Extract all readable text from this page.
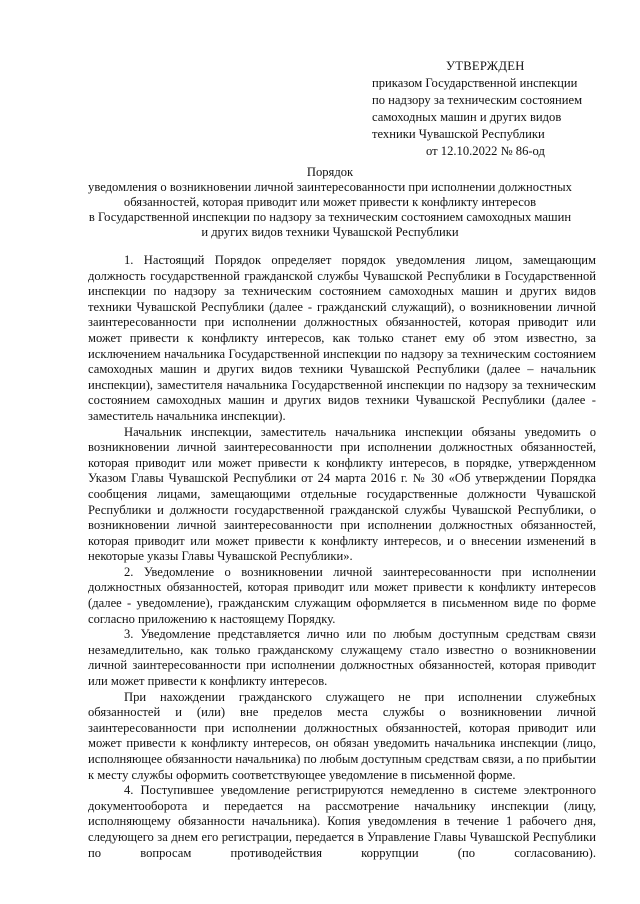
УТВЕРЖДЕН
приказом Государственной инспекции
по надзору за техническим состоянием
самоходных машин и других видов
техники Чувашской Республики
от 12.10.2022 № 86-од
Порядок
уведомления о возникновении личной заинтересованности при исполнении должностных
обязанностей, которая приводит или может привести к конфликту интересов
в Государственной инспекции по надзору за техническим состоянием самоходных машин
и других видов техники Чувашской Республики

1. Настоящий Порядок определяет порядок уведомления лицом, замещающим должность государственной гражданской службы Чувашской Республики в Государственной инспекции по надзору за техническим состоянием самоходных машин и других видов техники Чувашской Республики (далее - гражданский служащий), о возникновении личной заинтересованности при исполнении должностных обязанностей, которая приводит или может привести к конфликту интересов, как только станет ему об этом известно, за исключением начальника Государственной инспекции по надзору за техническим состоянием самоходных машин и других видов техники Чувашской Республики (далее – начальник инспекции), заместителя начальника Государственной инспекции по надзору за техническим состоянием самоходных машин и других видов техники Чувашской Республики (далее - заместитель начальника инспекции).

Начальник инспекции, заместитель начальника инспекции обязаны уведомить о возникновении личной заинтересованности при исполнении должностных обязанностей, которая приводит или может привести к конфликту интересов, в порядке, утвержденном Указом Главы Чувашской Республики от 24 марта 2016 г. № 30 «Об утверждении Порядка сообщения лицами, замещающими отдельные государственные должности Чувашской Республики и должности государственной гражданской службы Чувашской Республики, о возникновении личной заинтересованности при исполнении должностных обязанностей, которая приводит или может привести к конфликту интересов, и о внесении изменений в некоторые указы Главы Чувашской Республики».

2. Уведомление о возникновении личной заинтересованности при исполнении должностных обязанностей, которая приводит или может привести к конфликту интересов (далее - уведомление), гражданским служащим оформляется в письменном виде по форме согласно приложению к настоящему Порядку.

3. Уведомление представляется лично или по любым доступным средствам связи незамедлительно, как только гражданскому служащему стало известно о возникновении личной заинтересованности при исполнении должностных обязанностей, которая приводит или может привести к конфликту интересов.

При нахождении гражданского служащего не при исполнении служебных обязанностей и (или) вне пределов места службы о возникновении личной заинтересованности при исполнении должностных обязанностей, которая приводит или может привести к конфликту интересов, он обязан уведомить начальника инспекции (лицо, исполняющее обязанности начальника) по любым доступным средствам связи, а по прибытии к месту службы оформить соответствующее уведомление в письменной форме.

4. Поступившее уведомление регистрируются немедленно в системе электронного документооборота и передается на рассмотрение начальнику инспекции (лицу, исполняющему обязанности начальника). Копия уведомления в течение 1 рабочего дня, следующего за днем его регистрации, передается в Управление Главы Чувашской Республики по вопросам противодействия коррупции (по согласованию).
